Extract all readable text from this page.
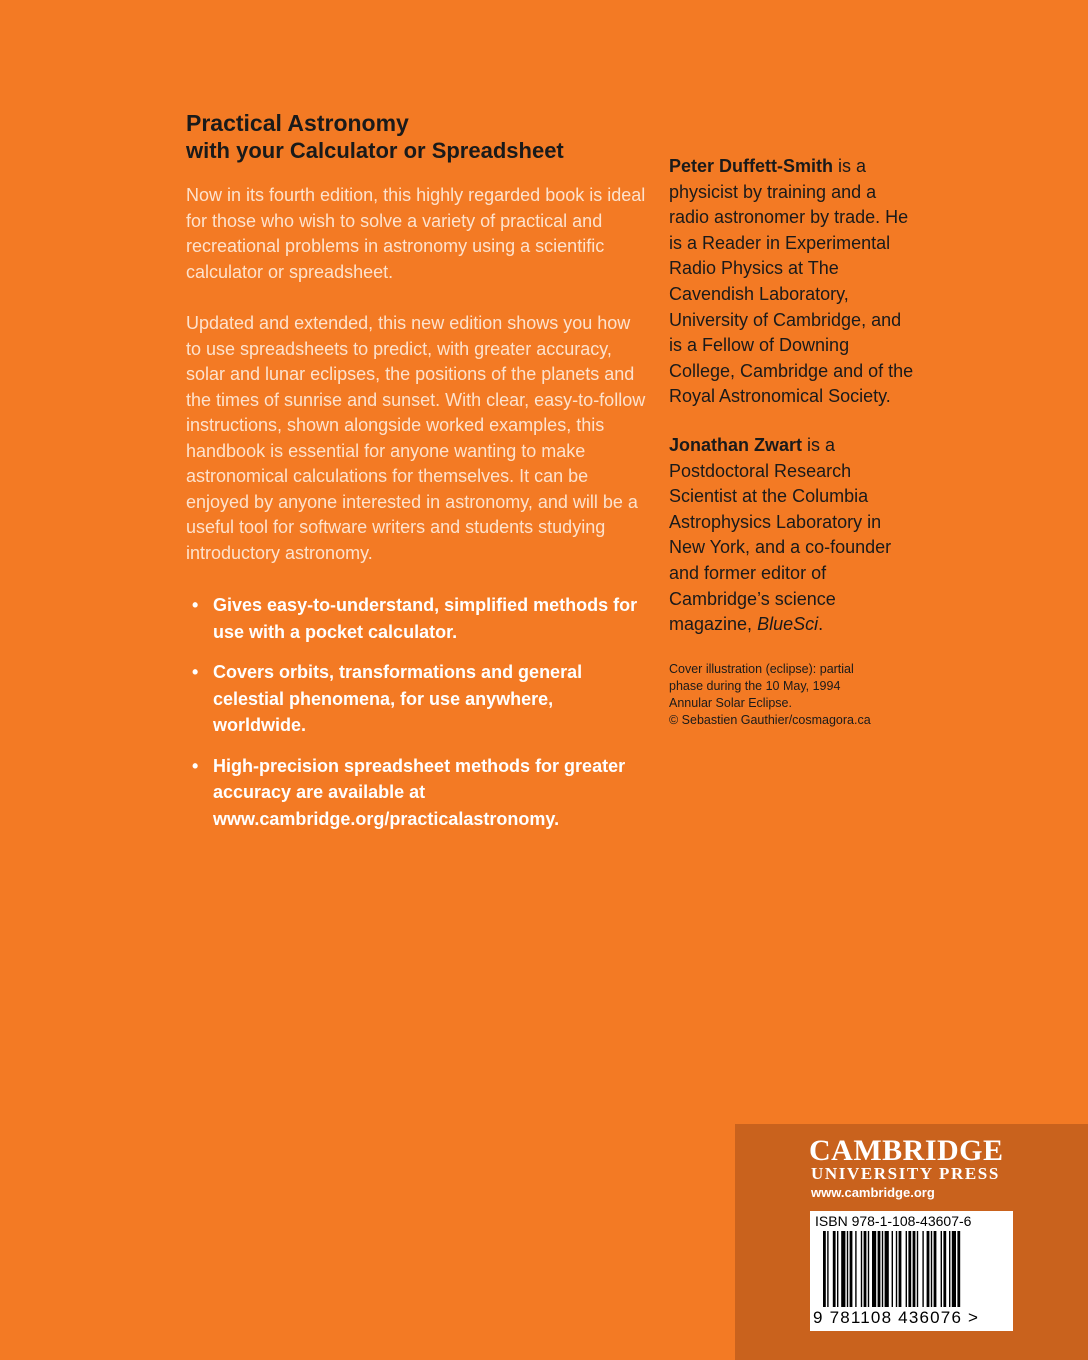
Practical Astronomy
with your Calculator or Spreadsheet

Now in its fourth edition, this highly regarded book is ideal for those who wish to solve a variety of practical and recreational problems in astronomy using a scientific calculator or spreadsheet.

Updated and extended, this new edition shows you how to use spreadsheets to predict, with greater accuracy, solar and lunar eclipses, the positions of the planets and the times of sunrise and sunset. With clear, easy-to-follow instructions, shown alongside worked examples, this handbook is essential for anyone wanting to make astronomical calculations for themselves. It can be enjoyed by anyone interested in astronomy, and will be a useful tool for software writers and students studying introductory astronomy.

• Gives easy-to-understand, simplified methods for use with a pocket calculator.
• Covers orbits, transformations and general celestial phenomena, for use anywhere, worldwide.
• High-precision spreadsheet methods for greater accuracy are available at www.cambridge.org/practicalastronomy.

Peter Duffett-Smith is a physicist by training and a radio astronomer by trade. He is a Reader in Experimental Radio Physics at The Cavendish Laboratory, University of Cambridge, and is a Fellow of Downing College, Cambridge and of the Royal Astronomical Society.

Jonathan Zwart is a Postdoctoral Research Scientist at the Columbia Astrophysics Laboratory in New York, and a co-founder and former editor of Cambridge’s science magazine, BlueSci.

Cover illustration (eclipse): partial
phase during the 10 May, 1994
Annular Solar Eclipse.
© Sebastien Gauthier/cosmagora.ca
CAMBRIDGE
UNIVERSITY PRESS
www.cambridge.org
ISBN 978-1-108-43607-6
9 781108 436076 >
